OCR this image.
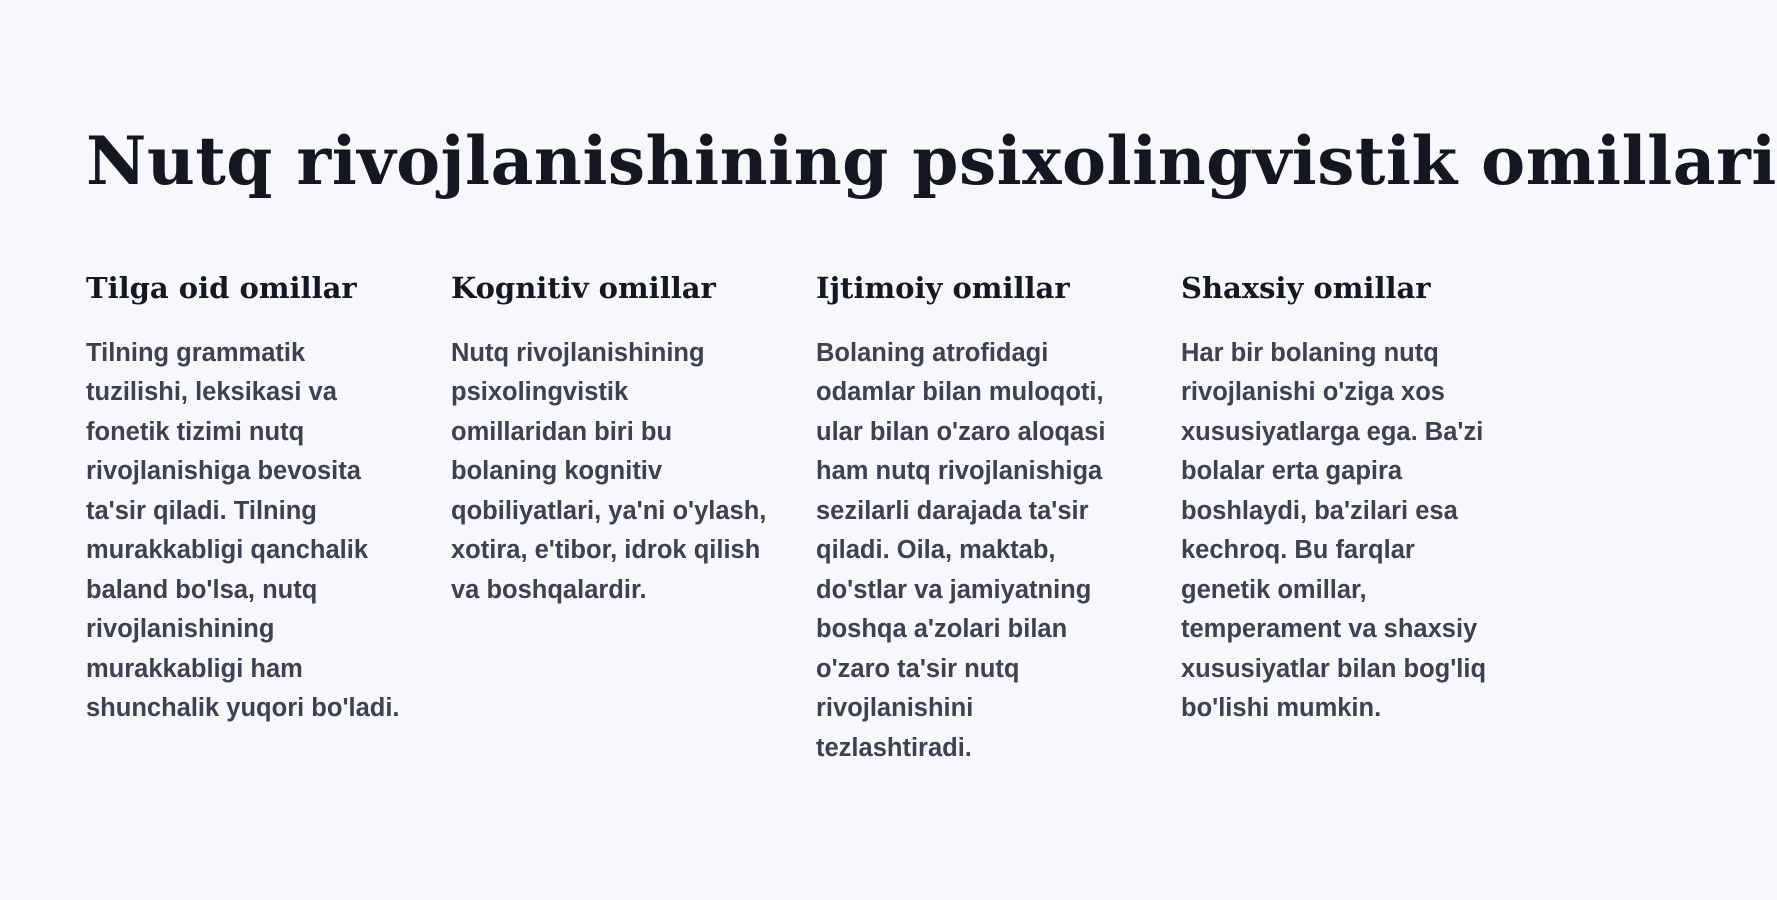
Nutq rivojlanishining psixolingvistik omillari
Tilga oid omillar

Tilning grammatik tuzilishi, leksikasi va fonetik tizimi nutq rivojlanishiga bevosita ta'sir qiladi. Tilning murakkabligi qanchalik baland bo'lsa, nutq rivojlanishining murakkabligi ham shunchalik yuqori bo'ladi.

Kognitiv omillar

Nutq rivojlanishining psixolingvistik omillaridan biri bu bolaning kognitiv qobiliyatlari, ya'ni o'ylash, xotira, e'tibor, idrok qilish va boshqalardir.

Ijtimoiy omillar

Bolaning atrofidagi odamlar bilan muloqoti, ular bilan o'zaro aloqasi ham nutq rivojlanishiga sezilarli darajada ta'sir qiladi. Oila, maktab, do'stlar va jamiyatning boshqa a'zolari bilan o'zaro ta'sir nutq rivojlanishini tezlashtiradi.

Shaxsiy omillar

Har bir bolaning nutq rivojlanishi o'ziga xos xususiyatlarga ega. Ba'zi bolalar erta gapira boshlaydi, ba'zilari esa kechroq. Bu farqlar genetik omillar, temperament va shaxsiy xususiyatlar bilan bog'liq bo'lishi mumkin.
